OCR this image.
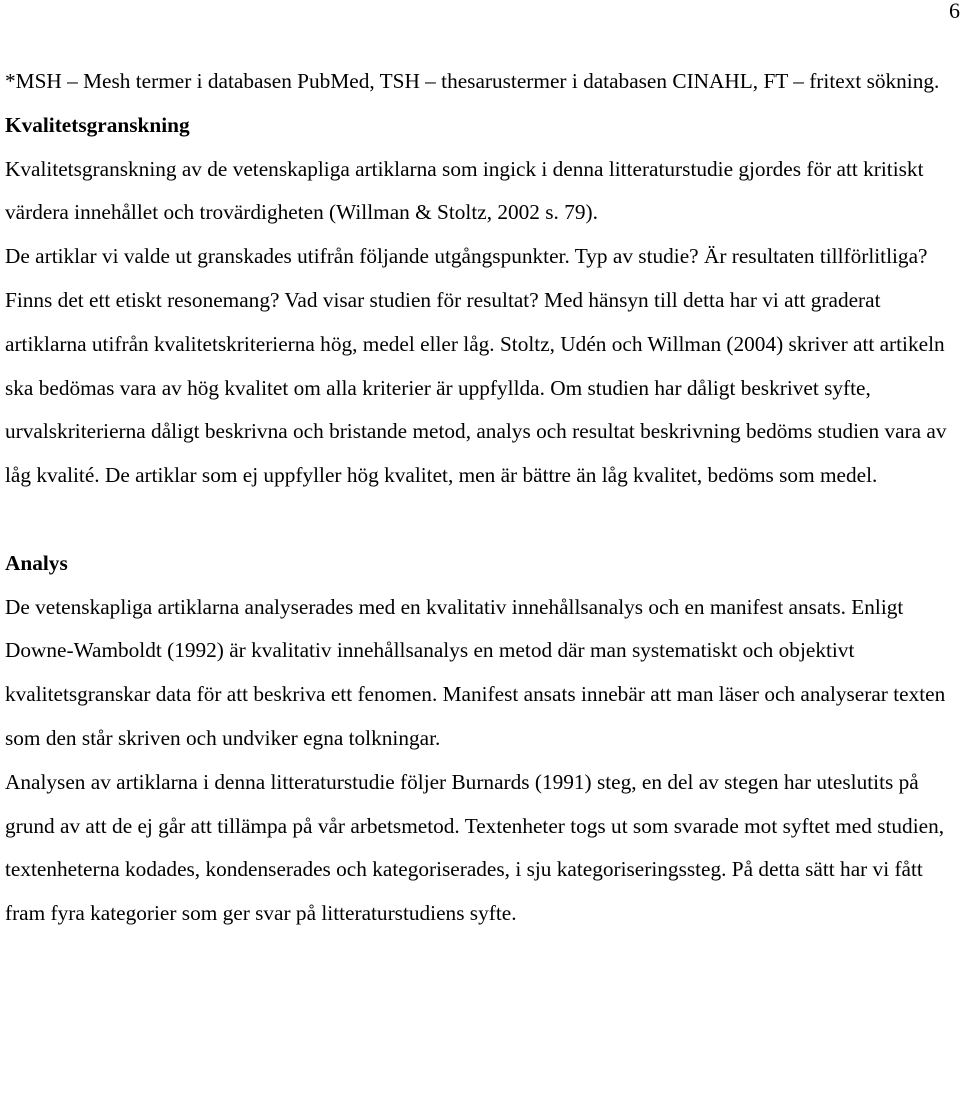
6

*MSH – Mesh termer i databasen PubMed, TSH – thesarustermer i databasen CINAHL, FT – fritext sökning.

Kvalitetsgranskning

Kvalitetsgranskning av de vetenskapliga artiklarna som ingick i denna litteraturstudie gjordes för att kritiskt värdera innehållet och trovärdigheten (Willman & Stoltz, 2002 s. 79).

De artiklar vi valde ut granskades utifrån följande utgångspunkter. Typ av studie? Är resultaten tillförlitliga? Finns det ett etiskt resonemang? Vad visar studien för resultat? Med hänsyn till detta har vi att graderat artiklarna utifrån kvalitetskriterierna hög, medel eller låg. Stoltz, Udén och Willman (2004) skriver att artikeln ska bedömas vara av hög kvalitet om alla kriterier är uppfyllda. Om studien har dåligt beskrivet syfte, urvalskriterierna dåligt beskrivna och bristande metod, analys och resultat beskrivning bedöms studien vara av låg kvalité. De artiklar som ej uppfyller hög kvalitet, men är bättre än låg kvalitet, bedöms som medel.

Analys

De vetenskapliga artiklarna analyserades med en kvalitativ innehållsanalys och en manifest ansats. Enligt Downe-Wamboldt (1992) är kvalitativ innehållsanalys en metod där man systematiskt och objektivt kvalitetsgranskar data för att beskriva ett fenomen. Manifest ansats innebär att man läser och analyserar texten som den står skriven och undviker egna tolkningar.

Analysen av artiklarna i denna litteraturstudie följer Burnards (1991) steg, en del av stegen har uteslutits på grund av att de ej går att tillämpa på vår arbetsmetod. Textenheter togs ut som svarade mot syftet med studien, textenheterna kodades, kondenserades och kategoriserades, i sju kategoriseringssteg. På detta sätt har vi fått fram fyra kategorier som ger svar på litteraturstudiens syfte.
